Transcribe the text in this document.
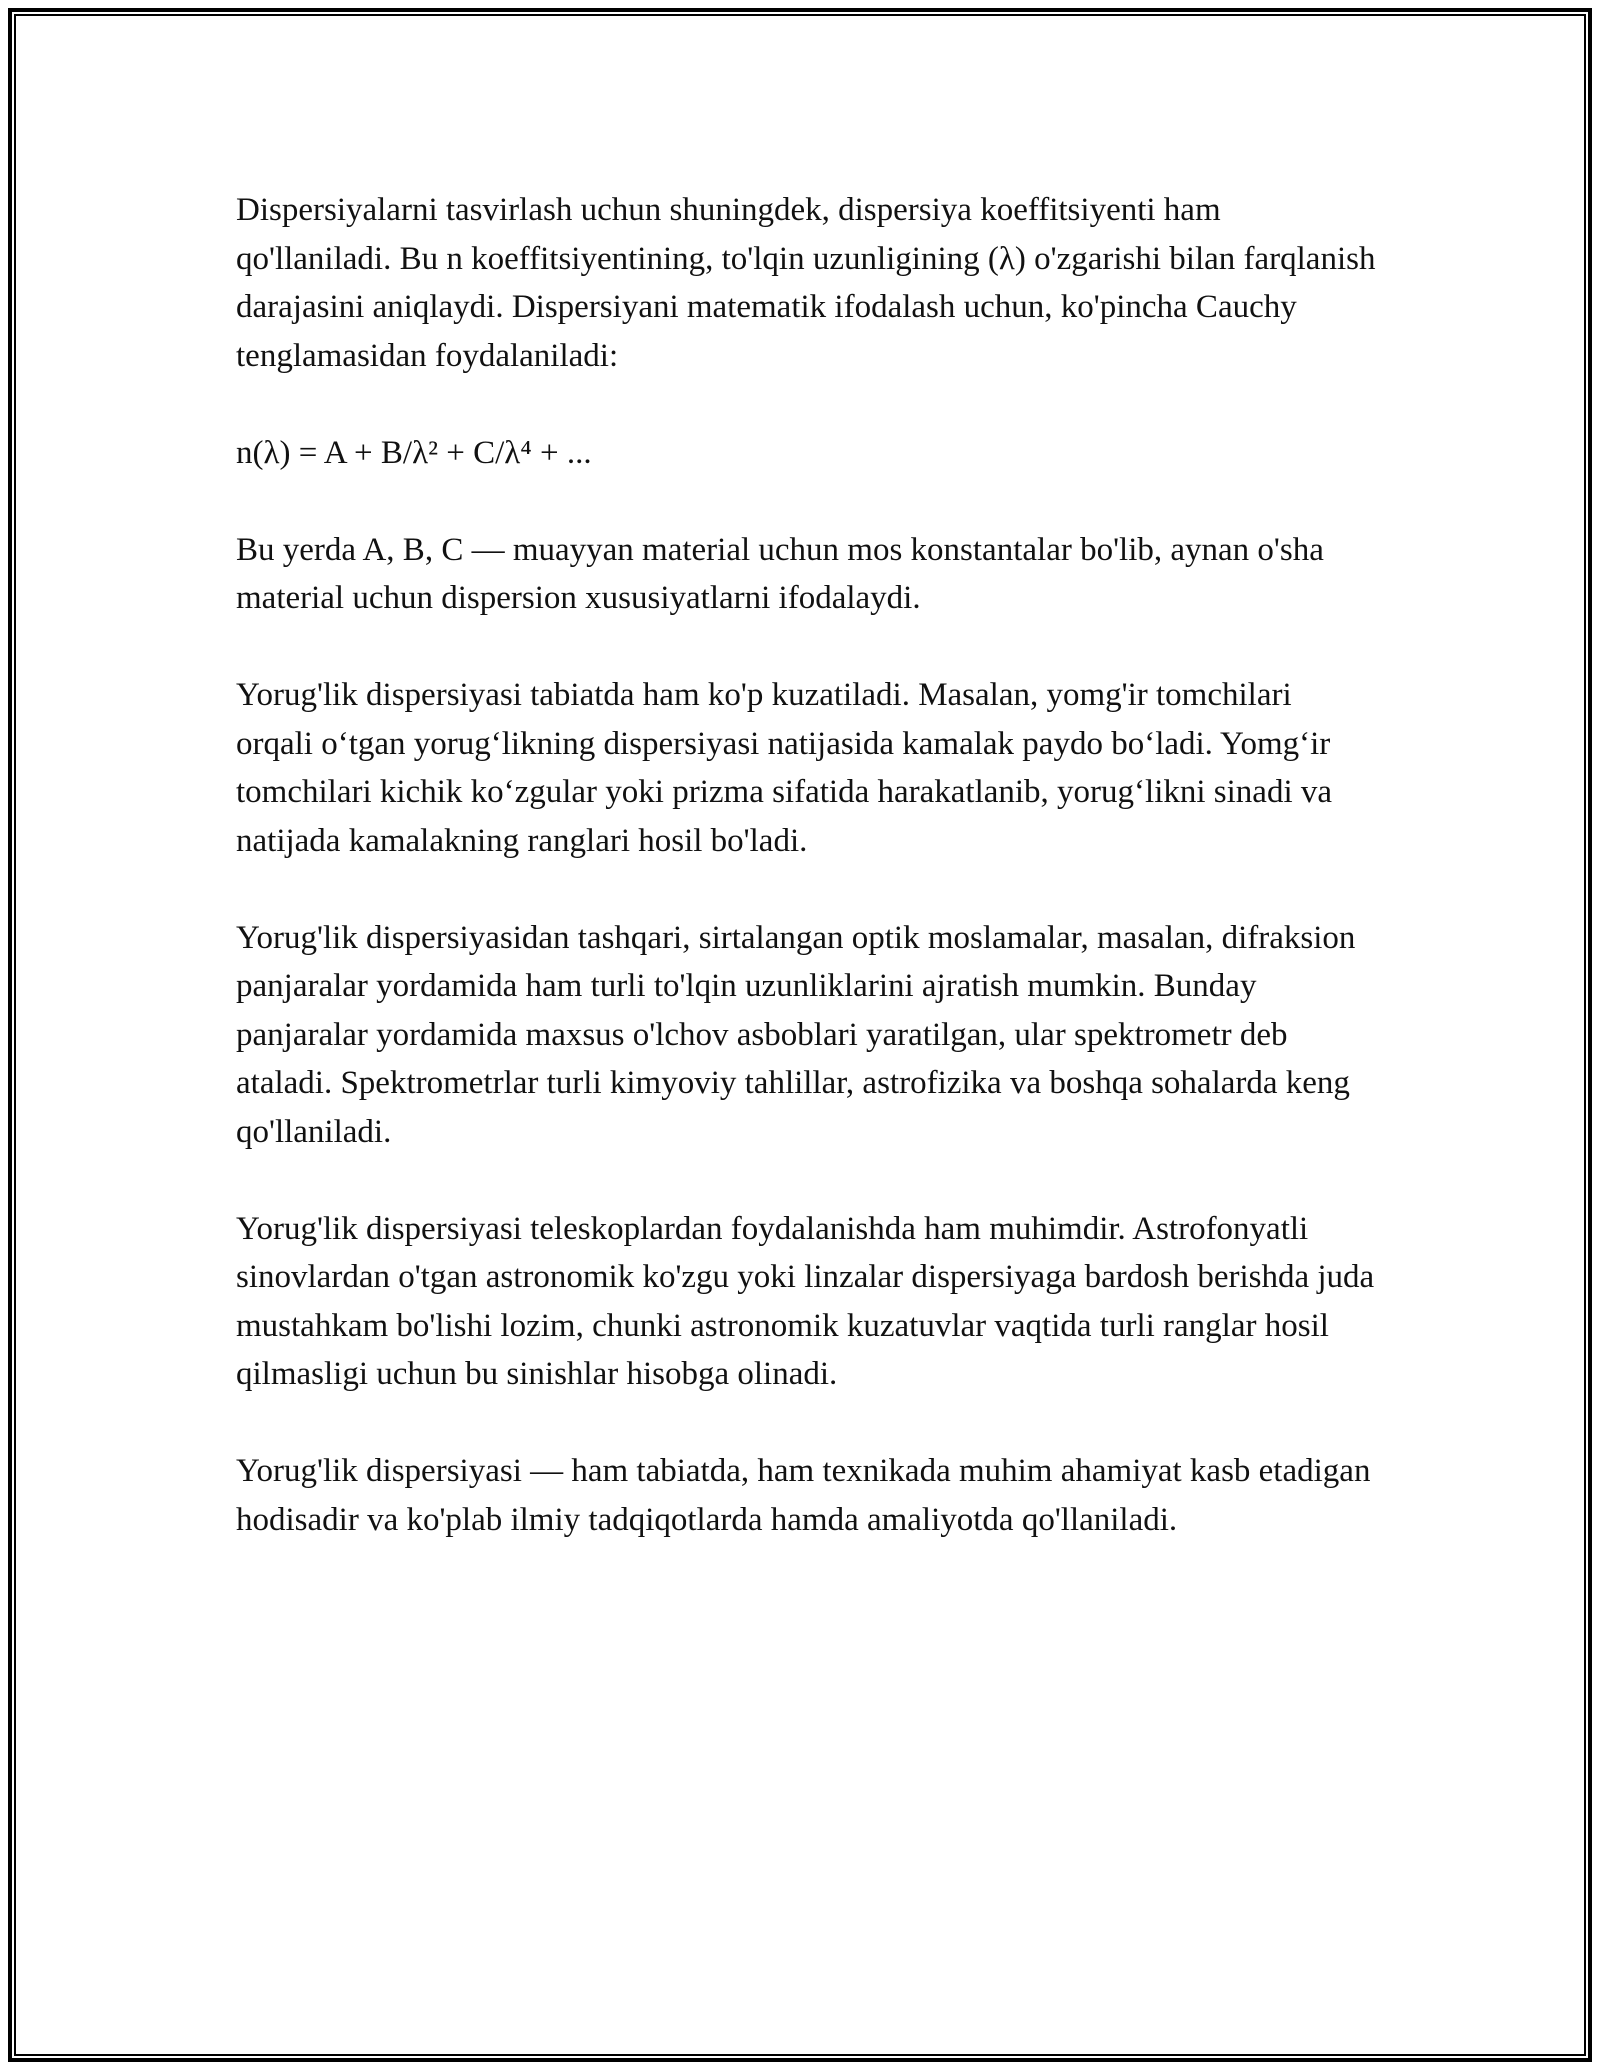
Dispersiyalarni tasvirlash uchun shuningdek, dispersiya koeffitsiyenti ham qo'llaniladi. Bu n koeffitsiyentining, to'lqin uzunligining (λ) o'zgarishi bilan farqlanish darajasini aniqlaydi. Dispersiyani matematik ifodalash uchun, ko'pincha Cauchy tenglamasidan foydalaniladi:

n(λ) = A + B/λ² + C/λ⁴ + ...

Bu yerda A, B, C — muayyan material uchun mos konstantalar bo'lib, aynan o'sha material uchun dispersion xususiyatlarni ifodalaydi.

Yorug'lik dispersiyasi tabiatda ham ko'p kuzatiladi. Masalan, yomg'ir tomchilari orqali oʻtgan yorugʻlikning dispersiyasi natijasida kamalak paydo boʻladi. Yomgʻir tomchilari kichik koʻzgular yoki prizma sifatida harakatlanib, yorugʻlikni sinadi va natijada kamalakning ranglari hosil bo'ladi.

Yorug'lik dispersiyasidan tashqari, sirtalangan optik moslamalar, masalan, difraksion panjaralar yordamida ham turli to'lqin uzunliklarini ajratish mumkin. Bunday panjaralar yordamida maxsus o'lchov asboblari yaratilgan, ular spektrometr deb ataladi. Spektrometrlar turli kimyoviy tahlillar, astrofizika va boshqa sohalarda keng qo'llaniladi.

Yorug'lik dispersiyasi teleskoplardan foydalanishda ham muhimdir. Astrofonyatli sinovlardan o'tgan astronomik ko'zgu yoki linzalar dispersiyaga bardosh berishda juda mustahkam bo'lishi lozim, chunki astronomik kuzatuvlar vaqtida turli ranglar hosil qilmasligi uchun bu sinishlar hisobga olinadi.

Yorug'lik dispersiyasi — ham tabiatda, ham texnikada muhim ahamiyat kasb etadigan hodisadir va ko'plab ilmiy tadqiqotlarda hamda amaliyotda qo'llaniladi.
